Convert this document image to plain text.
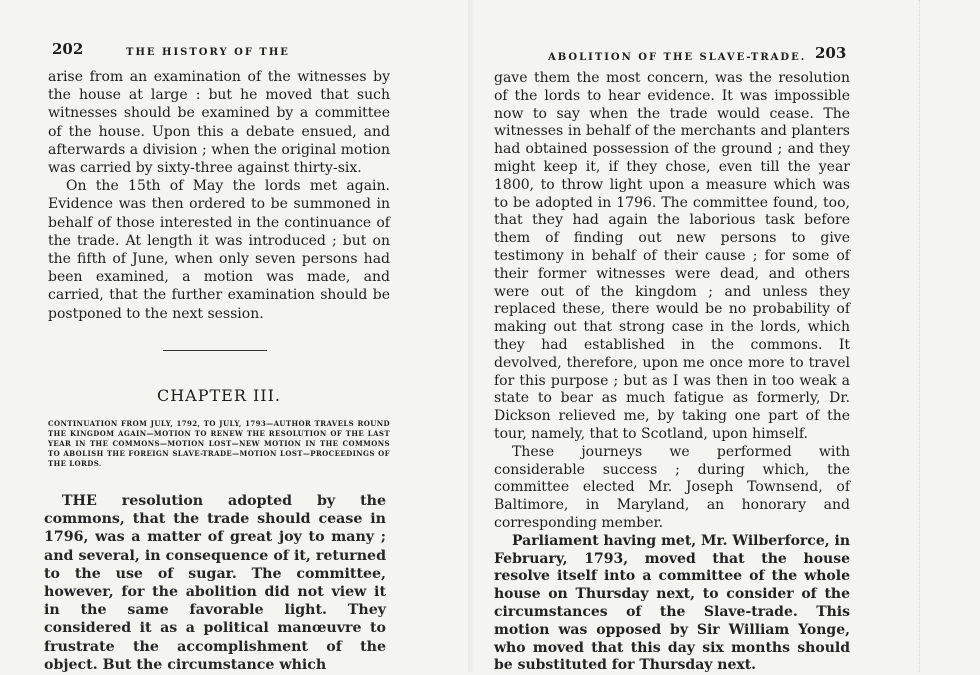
202	THE HISTORY OF THE

arise from an examination of the witnesses by the house at large : but he moved that such witnesses should be examined by a committee of the house. Upon this a debate ensued, and afterwards a division ; when the original motion was carried by sixty-three against thirty-six.

On the 15th of May the lords met again. Evidence was then ordered to be summoned in behalf of those interested in the continuance of the trade. At length it was introduced ; but on the fifth of June, when only seven persons had been examined, a motion was made, and carried, that the further examination should be postponed to the next session.

CHAPTER III.
CONTINUATION FROM JULY, 1792, TO JULY, 1793—AUTHOR TRAVELS ROUND THE KINGDOM AGAIN—MOTION TO RENEW THE RESOLUTION OF THE LAST YEAR IN THE COMMONS—MOTION LOST—NEW MOTION IN THE COMMONS TO ABOLISH THE FOREIGN SLAVE-TRADE—MOTION LOST—PROCEEDINGS OF THE LORDS.

THE resolution adopted by the commons, that the trade should cease in 1796, was a matter of great joy to many ; and several, in consequence of it, returned to the use of sugar. The committee, however, for the abolition did not view it in the same favorable light. They considered it as a political manœuvre to frustrate the accomplishment of the object. But the circumstance which

ABOLITION OF THE SLAVE-TRADE. 203

gave them the most concern, was the resolution of the lords to hear evidence. It was impossible now to say when the trade would cease. The witnesses in behalf of the merchants and planters had obtained possession of the ground ; and they might keep it, if they chose, even till the year 1800, to throw light upon a measure which was to be adopted in 1796. The committee found, too, that they had again the laborious task before them of finding out new persons to give testimony in behalf of their cause ; for some of their former witnesses were dead, and others were out of the kingdom ; and unless they replaced these, there would be no probability of making out that strong case in the lords, which they had established in the commons. It devolved, therefore, upon me once more to travel for this purpose ; but as I was then in too weak a state to bear as much fatigue as formerly, Dr. Dickson relieved me, by taking one part of the tour, namely, that to Scotland, upon himself.

These journeys we performed with considerable success ; during which, the committee elected Mr. Joseph Townsend, of Baltimore, in Maryland, an honorary and corresponding member.

Parliament having met, Mr. Wilberforce, in February, 1793, moved that the house resolve itself into a committee of the whole house on Thursday next, to consider of the circumstances of the Slave-trade. This motion was opposed by Sir William Yonge, who moved that this day six months should be substituted for Thursday next.
